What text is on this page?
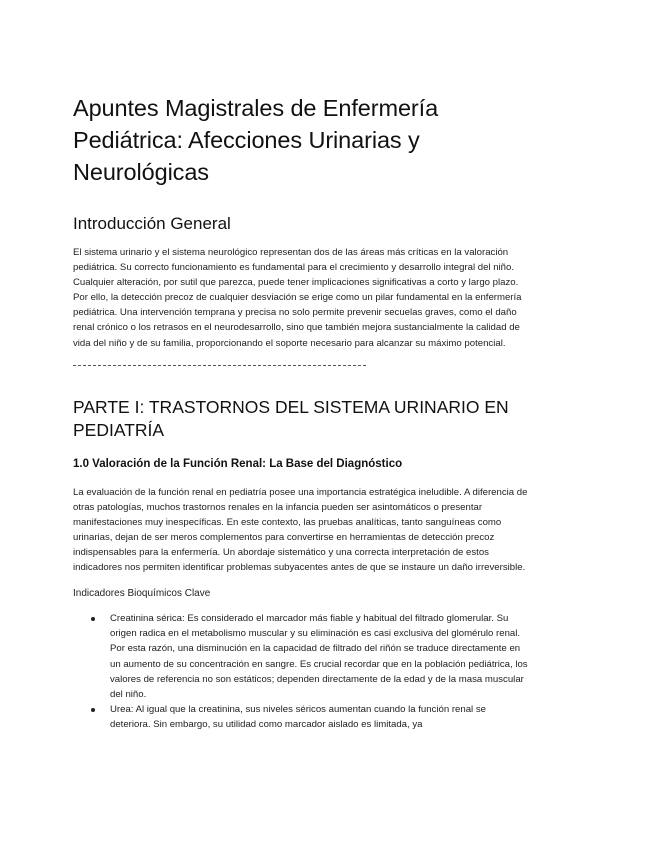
Apuntes Magistrales de Enfermería Pediátrica: Afecciones Urinarias y Neurológicas
Introducción General

El sistema urinario y el sistema neurológico representan dos de las áreas más críticas en la valoración pediátrica. Su correcto funcionamiento es fundamental para el crecimiento y desarrollo integral del niño. Cualquier alteración, por sutil que parezca, puede tener implicaciones significativas a corto y largo plazo. Por ello, la detección precoz de cualquier desviación se erige como un pilar fundamental en la enfermería pediátrica. Una intervención temprana y precisa no solo permite prevenir secuelas graves, como el daño renal crónico o los retrasos en el neurodesarrollo, sino que también mejora sustancialmente la calidad de vida del niño y de su familia, proporcionando el soporte necesario para alcanzar su máximo potencial.

PARTE I: TRASTORNOS DEL SISTEMA URINARIO EN PEDIATRÍA
1.0 Valoración de la Función Renal: La Base del Diagnóstico

La evaluación de la función renal en pediatría posee una importancia estratégica ineludible. A diferencia de otras patologías, muchos trastornos renales en la infancia pueden ser asintomáticos o presentar manifestaciones muy inespecíficas. En este contexto, las pruebas analíticas, tanto sanguíneas como urinarias, dejan de ser meros complementos para convertirse en herramientas de detección precoz indispensables para la enfermería. Un abordaje sistemático y una correcta interpretación de estos indicadores nos permiten identificar problemas subyacentes antes de que se instaure un daño irreversible.

Indicadores Bioquímicos Clave
Creatinina sérica: Es considerado el marcador más fiable y habitual del filtrado glomerular. Su origen radica en el metabolismo muscular y su eliminación es casi exclusiva del glomérulo renal. Por esta razón, una disminución en la capacidad de filtrado del riñón se traduce directamente en un aumento de su concentración en sangre. Es crucial recordar que en la población pediátrica, los valores de referencia no son estáticos; dependen directamente de la edad y de la masa muscular del niño.
Urea: Al igual que la creatinina, sus niveles séricos aumentan cuando la función renal se deteriora. Sin embargo, su utilidad como marcador aislado es limitada, ya
